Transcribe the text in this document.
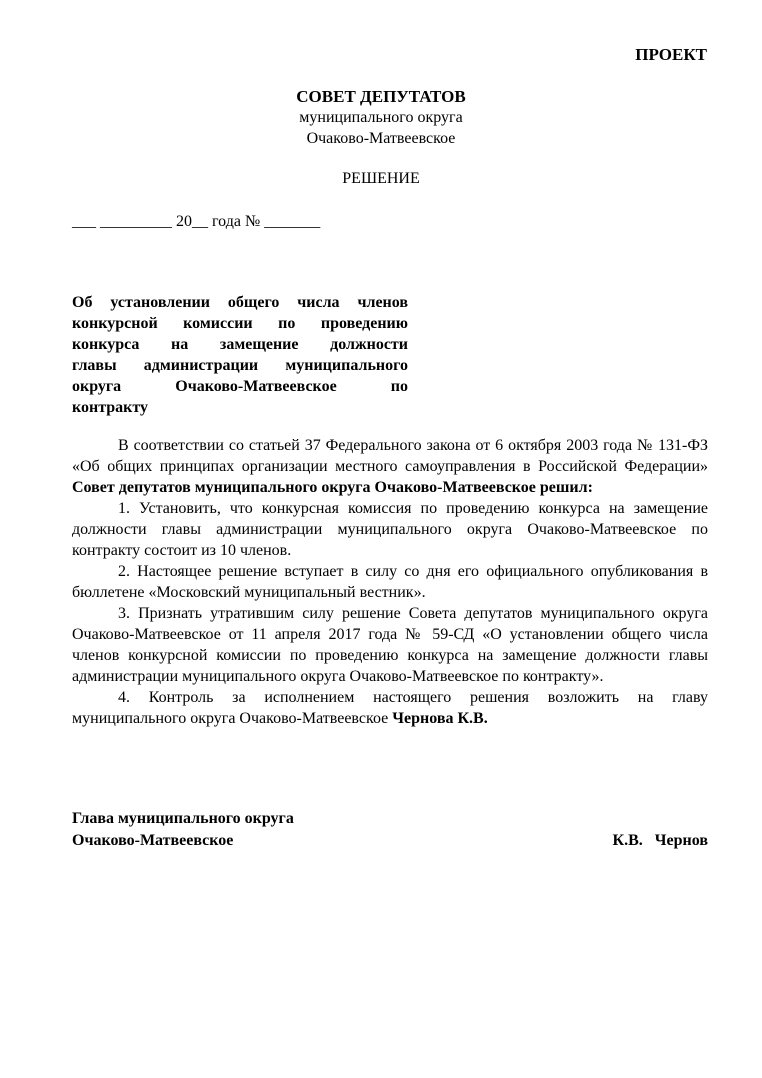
ПРОЕКТ
СОВЕТ ДЕПУТАТОВ
муниципального округа
Очаково-Матвеевское
РЕШЕНИЕ
___ _________ 20__ года № _______
Об установлении общего числа членов
конкурсной комиссии по проведению
конкурса на замещение должности
главы администрации муниципального
округа Очаково-Матвеевское по
контракту

В соответствии со статьей 37 Федерального закона от 6 октября 2003 года № 131-ФЗ «Об общих принципах организации местного самоуправления в Российской Федерации» Совет депутатов муниципального округа Очаково-Матвеевское решил:

1. Установить, что конкурсная комиссия по проведению конкурса на замещение должности главы администрации муниципального округа Очаково-Матвеевское по контракту состоит из 10 членов.

2. Настоящее решение вступает в силу со дня его официального опубликования в бюллетене «Московский муниципальный вестник».

3. Признать утратившим силу решение Совета депутатов муниципального округа Очаково-Матвеевское от 11 апреля 2017 года № 59-СД «О установлении общего числа членов конкурсной комиссии по проведению конкурса на замещение должности главы администрации муниципального округа Очаково-Матвеевское по контракту».

4. Контроль за исполнением настоящего решения возложить на главу муниципального округа Очаково-Матвеевское Чернова К.В.

Глава муниципального округа
Очаково-Матвеевское	К.В.   Чернов
